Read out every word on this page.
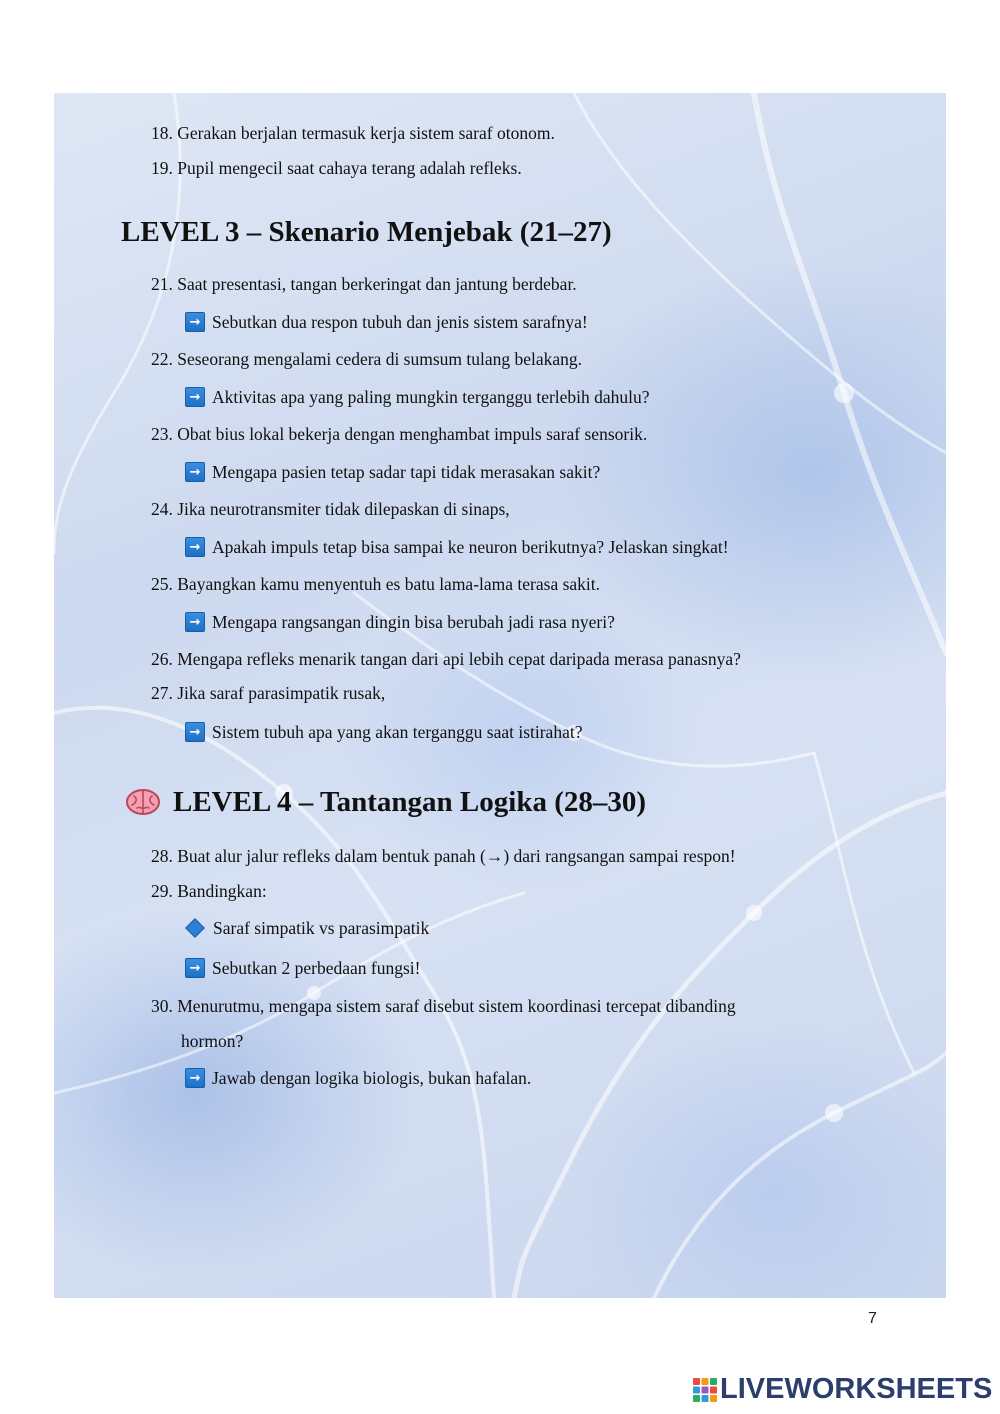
18. Gerakan berjalan termasuk kerja sistem saraf otonom.

19. Pupil mengecil saat cahaya terang adalah refleks.

LEVEL 3 – Skenario Menjebak (21–27)

21. Saat presentasi, tangan berkeringat dan jantung berdebar.

→ Sebutkan dua respon tubuh dan jenis sistem sarafnya!

22. Seseorang mengalami cedera di sumsum tulang belakang.

→ Aktivitas apa yang paling mungkin terganggu terlebih dahulu?

23. Obat bius lokal bekerja dengan menghambat impuls saraf sensorik.

→ Mengapa pasien tetap sadar tapi tidak merasakan sakit?

24. Jika neurotransmiter tidak dilepaskan di sinaps,

→ Apakah impuls tetap bisa sampai ke neuron berikutnya? Jelaskan singkat!

25. Bayangkan kamu menyentuh es batu lama-lama terasa sakit.

→ Mengapa rangsangan dingin bisa berubah jadi rasa nyeri?

26. Mengapa refleks menarik tangan dari api lebih cepat daripada merasa panasnya?

27. Jika saraf parasimpatik rusak,

→ Sistem tubuh apa yang akan terganggu saat istirahat?
LEVEL 4 – Tantangan Logika (28–30)

28. Buat alur jalur refleks dalam bentuk panah (→) dari rangsangan sampai respon!

29. Bandingkan:

Saraf simpatik vs parasimpatik
→ Sebutkan 2 perbedaan fungsi!

30. Menurutmu, mengapa sistem saraf disebut sistem koordinasi tercepat dibanding

hormon?

→ Jawab dengan logika biologis, bukan hafalan.
7
LIVEWORKSHEETS
